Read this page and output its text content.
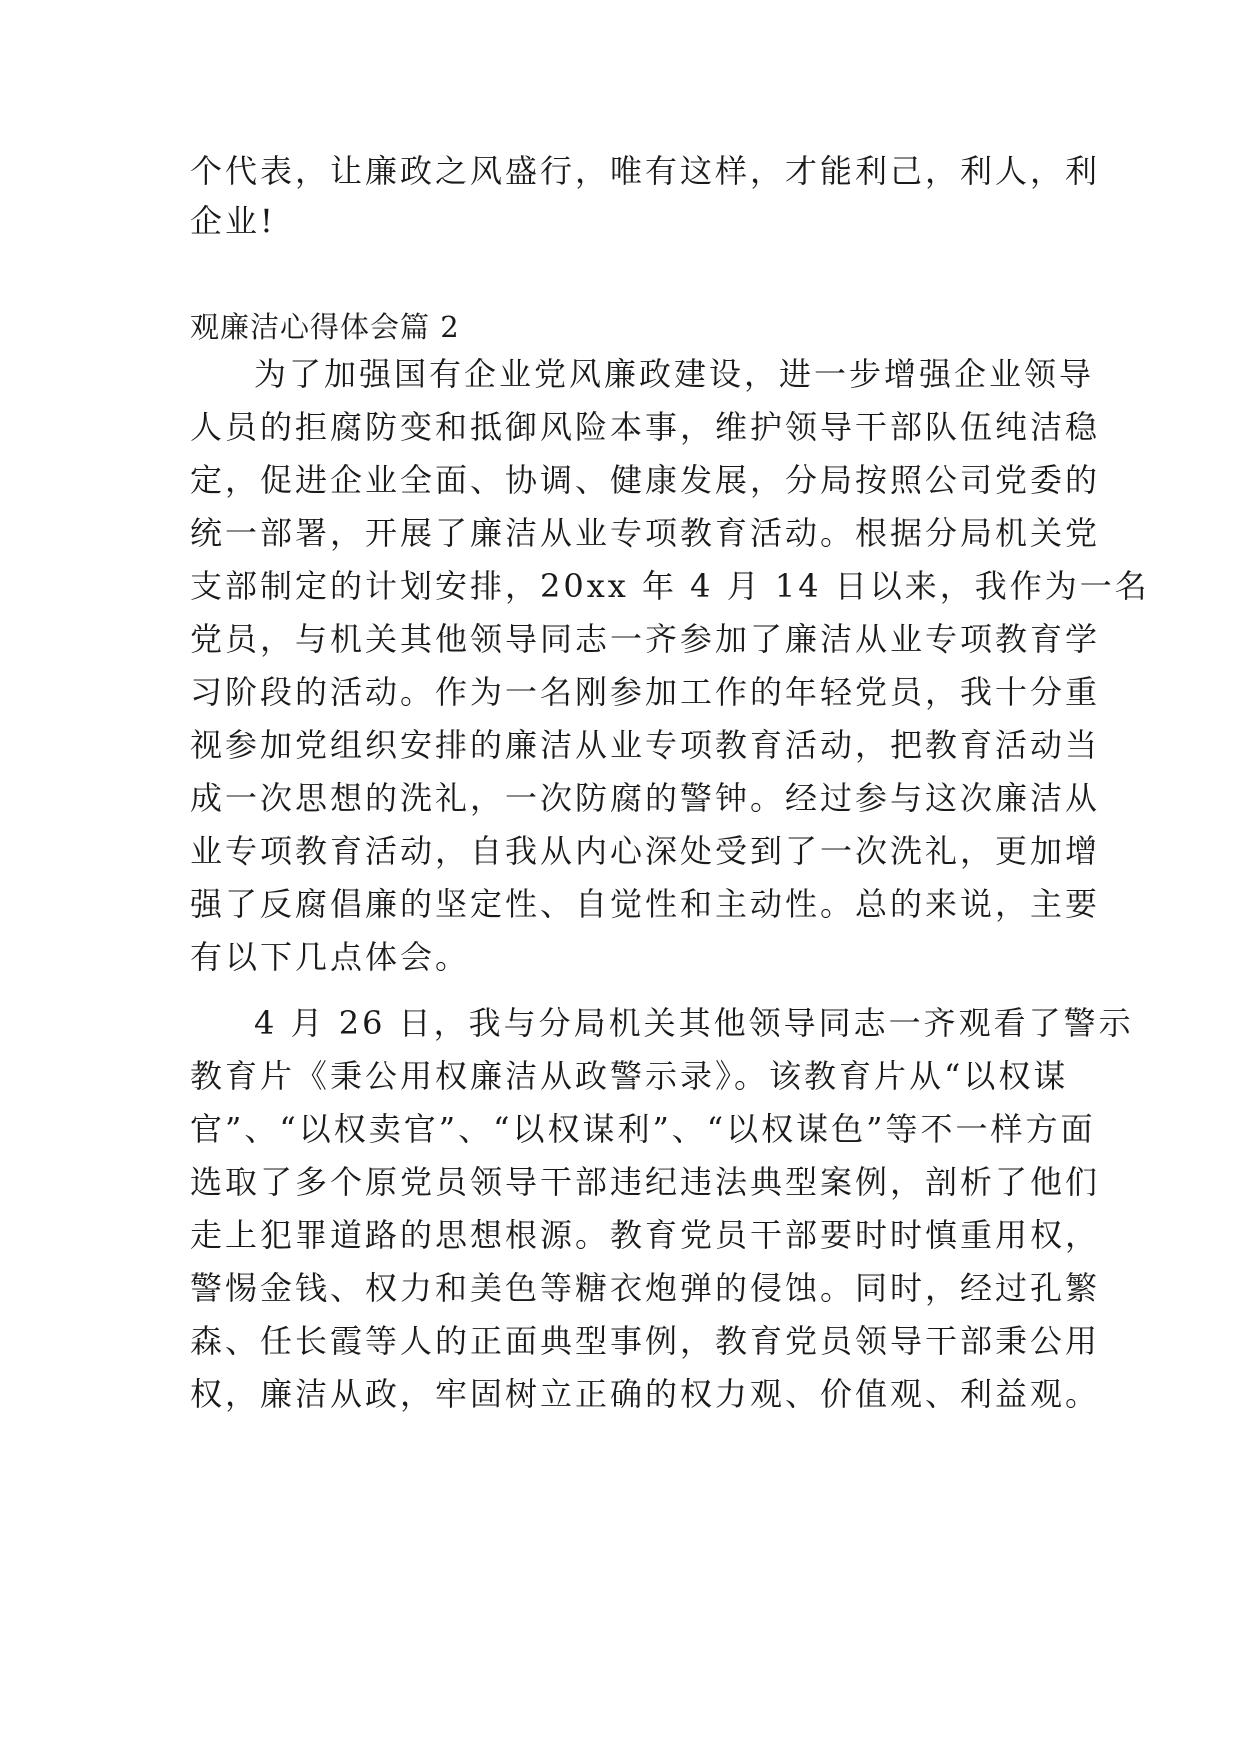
个代表，让廉政之风盛行，唯有这样，才能利己，利人，利
企业!
观廉洁心得体会篇 2
为了加强国有企业党风廉政建设，进一步增强企业领导
人员的拒腐防变和抵御风险本事，维护领导干部队伍纯洁稳
定，促进企业全面、协调、健康发展，分局按照公司党委的
统一部署，开展了廉洁从业专项教育活动。根据分局机关党
支部制定的计划安排，20xx 年 4 月 14 日以来，我作为一名
党员，与机关其他领导同志一齐参加了廉洁从业专项教育学
习阶段的活动。作为一名刚参加工作的年轻党员，我十分重
视参加党组织安排的廉洁从业专项教育活动，把教育活动当
成一次思想的洗礼，一次防腐的警钟。经过参与这次廉洁从
业专项教育活动，自我从内心深处受到了一次洗礼，更加增
强了反腐倡廉的坚定性、自觉性和主动性。总的来说，主要
有以下几点体会。
4 月 26 日，我与分局机关其他领导同志一齐观看了警示
教育片《秉公用权廉洁从政警示录》。该教育片从“以权谋
官”、“以权卖官”、“以权谋利”、“以权谋色”等不一样方面
选取了多个原党员领导干部违纪违法典型案例，剖析了他们
走上犯罪道路的思想根源。教育党员干部要时时慎重用权，
警惕金钱、权力和美色等糖衣炮弹的侵蚀。同时，经过孔繁
森、任长霞等人的正面典型事例，教育党员领导干部秉公用
权，廉洁从政，牢固树立正确的权力观、价值观、利益观。
